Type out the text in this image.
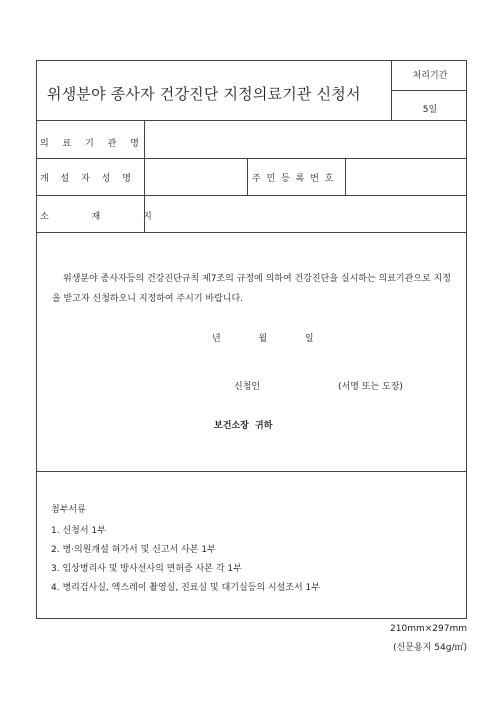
위생분야 종사자 건강진단 지정의료기관 신청서
처리기간
5일
의 료 기 관 명
개 설 자 성 명	주 민 등 록 번 호
소 재 지
위생분야 종사자등의 건강진단규칙 제7조의 규정에 의하여 건강진단을 실시하는 의료기관으로 지정을 받고자 신청하오니 지정하여 주시기 바랍니다.
년	월	일
신청인	(서명 또는 도장)
보건소장  귀하
첨부서류
1. 신청서 1부
2. 병·의원개설 허가서 및 신고서 사본 1부
3. 임상병리사 및 방사선사의 면허증 사본 각 1부
4. 병리검사실, 엑스레이 촬영실, 진료실 및 대기실등의 시설조서 1부
210mm×297mm
(신문용지 54g/㎡)
